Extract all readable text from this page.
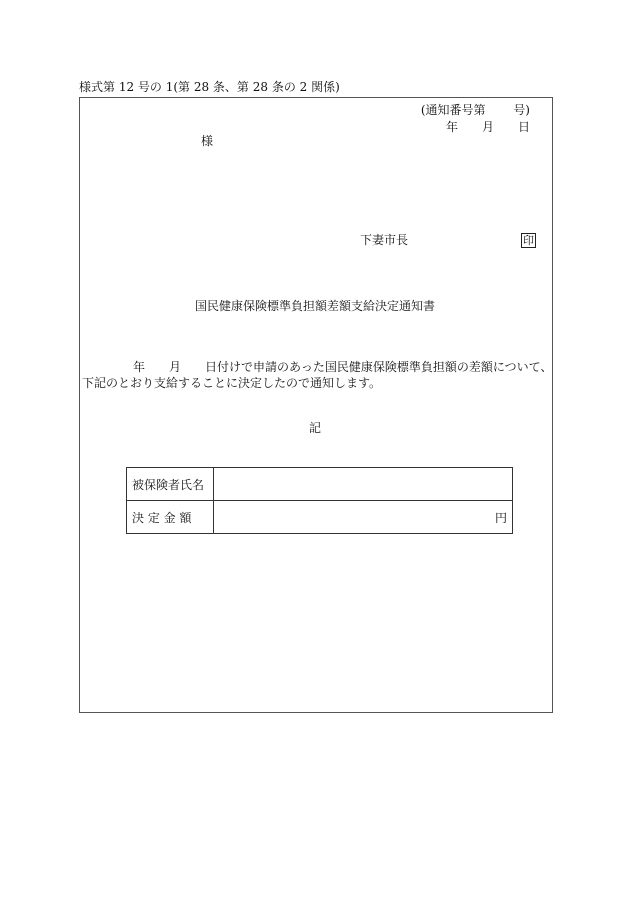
様式第 12 号の 1(第 28 条、第 28 条の 2 関係)
(通知番号第　　 号)
年　　月　　日
様
下妻市長	印
国民健康保険標準負担額差額支給決定通知書
年　　月　　日付けで申請のあった国民健康保険標準負担額の差額について、
下記のとおり支給することに決定したので通知します。
記
被保険者氏名	
決 定 金 額	円
